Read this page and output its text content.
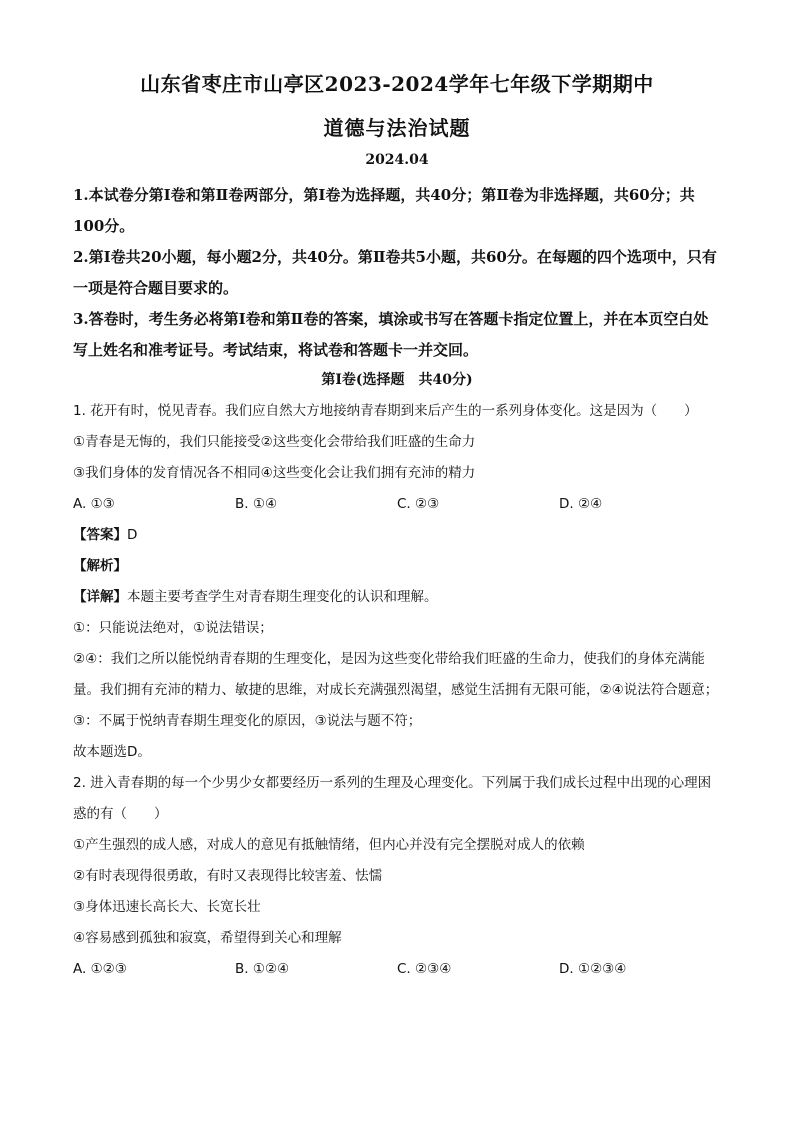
山东省枣庄市山亭区2023-2024学年七年级下学期期中
道德与法治试题
2024.04

1.本试卷分第Ⅰ卷和第Ⅱ卷两部分，第Ⅰ卷为选择题，共40分；第Ⅱ卷为非选择题，共60分；共100分。

2.第Ⅰ卷共20小题，每小题2分，共40分。第Ⅱ卷共5小题，共60分。在每题的四个选项中，只有一项是符合题目要求的。

3.答卷时，考生务必将第Ⅰ卷和第Ⅱ卷的答案，填涂或书写在答题卡指定位置上，并在本页空白处写上姓名和准考证号。考试结束，将试卷和答题卡一并交回。

第Ⅰ卷(选择题　共40分)

1. 花开有时，悦见青春。我们应自然大方地接纳青春期到来后产生的一系列身体变化。这是因为（　　）

①青春是无悔的，我们只能接受②这些变化会带给我们旺盛的生命力

③我们身体的发育情况各不相同④这些变化会让我们拥有充沛的精力

A. ①③	B. ①④	C. ②③	D. ②④

【答案】D

【解析】

【详解】本题主要考查学生对青春期生理变化的认识和理解。

①：只能说法绝对，①说法错误；

②④：我们之所以能悦纳青春期的生理变化，是因为这些变化带给我们旺盛的生命力，使我们的身体充满能量。我们拥有充沛的精力、敏捷的思维，对成长充满强烈渴望，感觉生活拥有无限可能，②④说法符合题意；

③：不属于悦纳青春期生理变化的原因，③说法与题不符；

故本题选D。

2. 进入青春期的每一个少男少女都要经历一系列的生理及心理变化。下列属于我们成长过程中出现的心理困惑的有（　　）

①产生强烈的成人感，对成人的意见有抵触情绪，但内心并没有完全摆脱对成人的依赖

②有时表现得很勇敢，有时又表现得比较害羞、怯懦

③身体迅速长高长大、长宽长壮

④容易感到孤独和寂寞，希望得到关心和理解

A. ①②③	B. ①②④	C. ②③④	D. ①②③④
